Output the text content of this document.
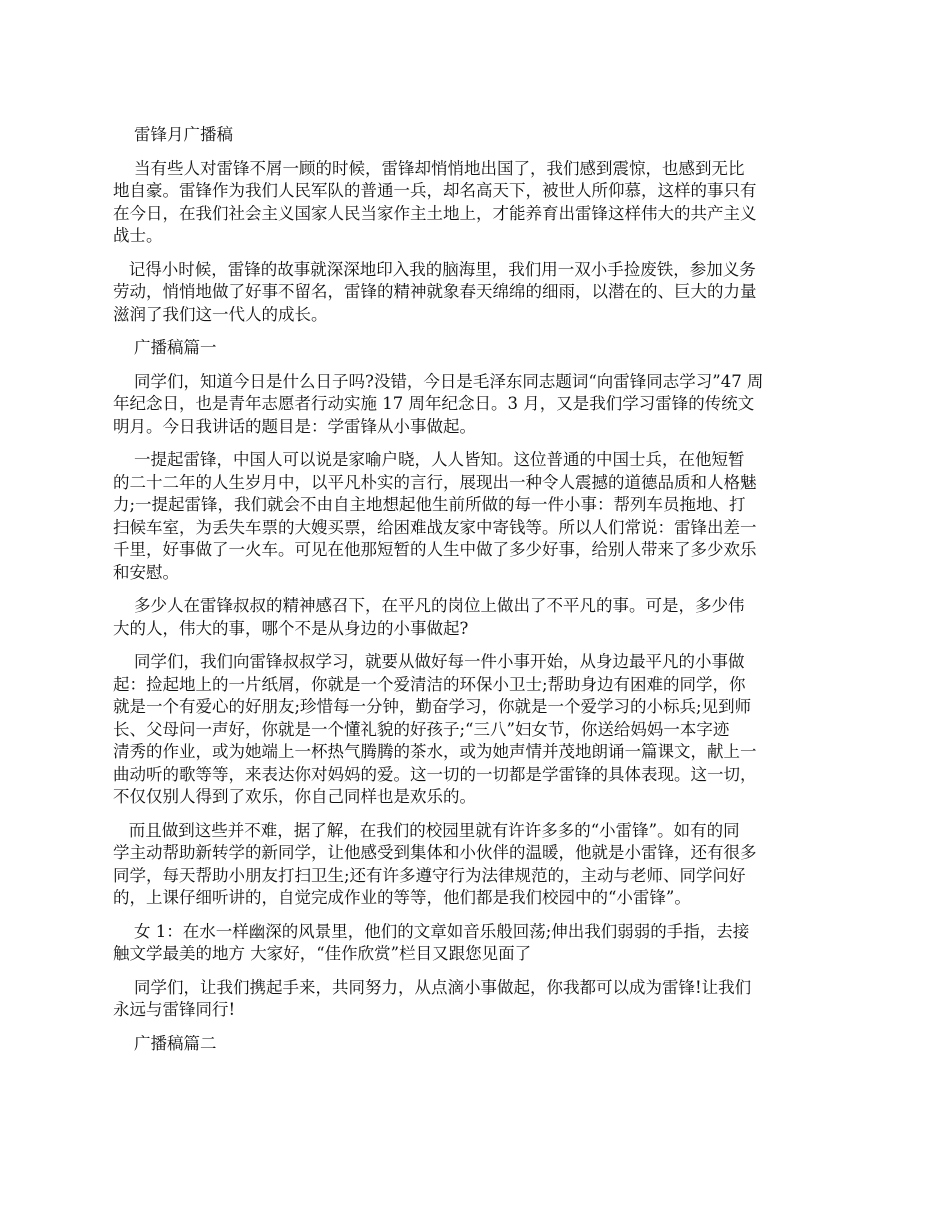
雷锋月广播稿
当有些人对雷锋不屑一顾的时候，雷锋却悄悄地出国了，我们感到震惊，也感到无比
地自豪。雷锋作为我们人民军队的普通一兵，却名高天下，被世人所仰慕，这样的事只有
在今日，在我们社会主义国家人民当家作主土地上，才能养育出雷锋这样伟大的共产主义
战士。
记得小时候，雷锋的故事就深深地印入我的脑海里，我们用一双小手捡废铁，参加义务
劳动，悄悄地做了好事不留名，雷锋的精神就象春天绵绵的细雨，以潜在的、巨大的力量
滋润了我们这一代人的成长。
广播稿篇一
同学们，知道今日是什么日子吗?没错，今日是毛泽东同志题词“向雷锋同志学习”47 周
年纪念日，也是青年志愿者行动实施 17 周年纪念日。3 月，又是我们学习雷锋的传统文
明月。今日我讲话的题目是：学雷锋从小事做起。
一提起雷锋，中国人可以说是家喻户晓，人人皆知。这位普通的中国士兵，在他短暂
的二十二年的人生岁月中，以平凡朴实的言行，展现出一种令人震撼的道德品质和人格魅
力;一提起雷锋，我们就会不由自主地想起他生前所做的每一件小事：帮列车员拖地、打
扫候车室，为丢失车票的大嫂买票，给困难战友家中寄钱等。所以人们常说：雷锋出差一
千里，好事做了一火车。可见在他那短暂的人生中做了多少好事，给别人带来了多少欢乐
和安慰。
多少人在雷锋叔叔的精神感召下，在平凡的岗位上做出了不平凡的事。可是，多少伟
大的人，伟大的事，哪个不是从身边的小事做起?
同学们，我们向雷锋叔叔学习，就要从做好每一件小事开始，从身边最平凡的小事做
起：捡起地上的一片纸屑，你就是一个爱清洁的环保小卫士;帮助身边有困难的同学，你
就是一个有爱心的好朋友;珍惜每一分钟，勤奋学习，你就是一个爱学习的小标兵;见到师
长、父母问一声好，你就是一个懂礼貌的好孩子;“三八”妇女节，你送给妈妈一本字迹
清秀的作业，或为她端上一杯热气腾腾的茶水，或为她声情并茂地朗诵一篇课文，献上一
曲动听的歌等等，来表达你对妈妈的爱。这一切的一切都是学雷锋的具体表现。这一切，
不仅仅别人得到了欢乐，你自己同样也是欢乐的。
而且做到这些并不难，据了解，在我们的校园里就有许许多多的“小雷锋”。如有的同
学主动帮助新转学的新同学，让他感受到集体和小伙伴的温暖，他就是小雷锋，还有很多
同学，每天帮助小朋友打扫卫生;还有许多遵守行为法律规范的，主动与老师、同学问好
的，上课仔细听讲的，自觉完成作业的等等，他们都是我们校园中的“小雷锋”。
女 1：在水一样幽深的风景里，他们的文章如音乐般回荡;伸出我们弱弱的手指，去接
触文学最美的地方 大家好，“佳作欣赏”栏目又跟您见面了
同学们，让我们携起手来，共同努力，从点滴小事做起，你我都可以成为雷锋!让我们
永远与雷锋同行!
广播稿篇二
